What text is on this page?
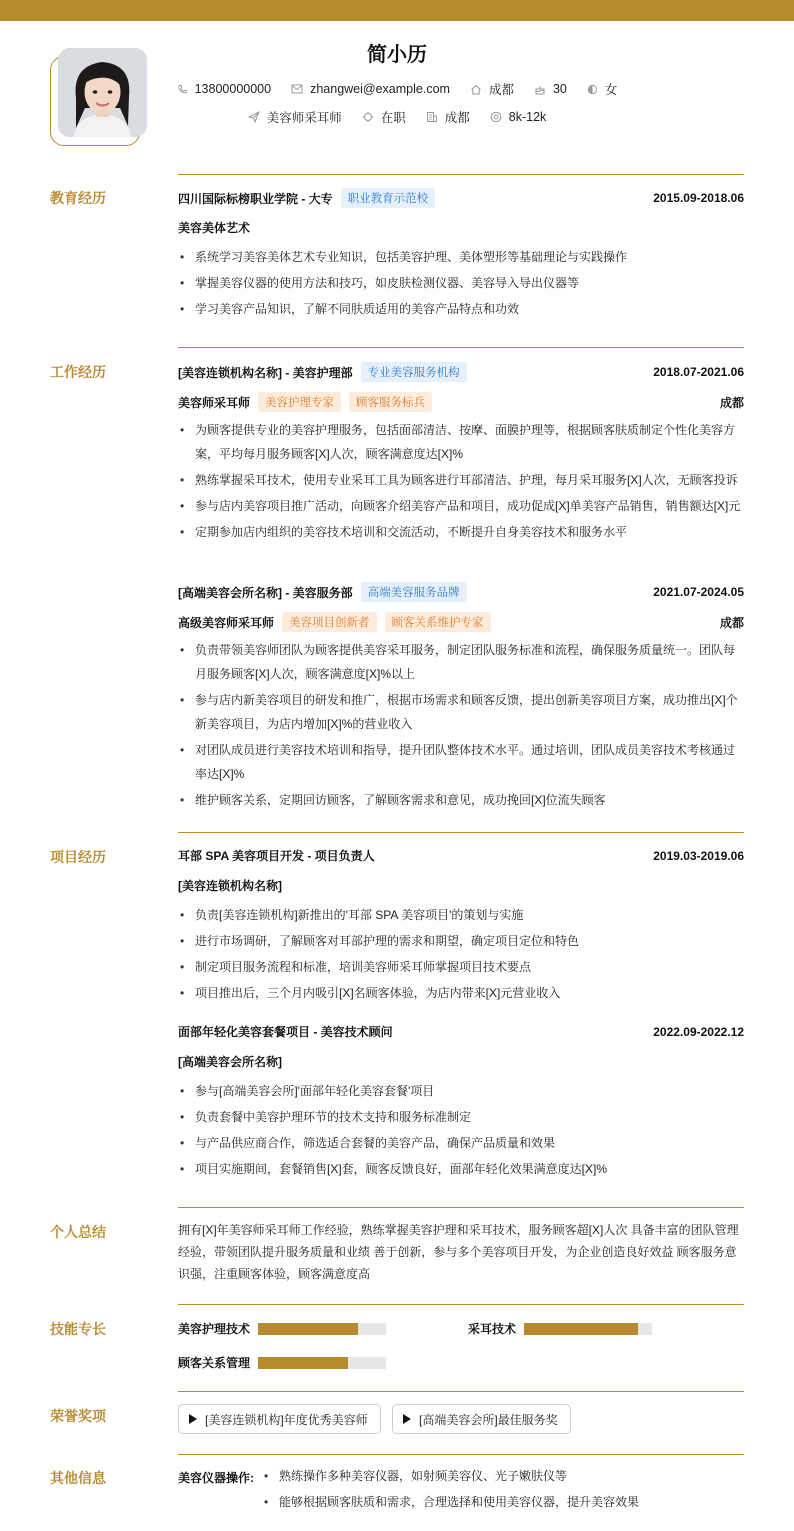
简小历
13800000000	zhangwei@example.com	成都	30	女
美容师采耳师	在职	成都	8k-12k
教育经历	四川国际标榜职业学院 - 大专	职业教育示范校	2015.09-2018.06
美容美体艺术
• 系统学习美容美体艺术专业知识，包括美容护理、美体塑形等基础理论与实践操作
• 掌握美容仪器的使用方法和技巧，如皮肤检测仪器、美容导入导出仪器等
• 学习美容产品知识，了解不同肤质适用的美容产品特点和功效
工作经历	[美容连锁机构名称] - 美容护理部	专业美容服务机构	2018.07-2021.06
美容师采耳师	美容护理专家	顾客服务标兵	成都
• 为顾客提供专业的美容护理服务，包括面部清洁、按摩、面膜护理等，根据顾客肤质制定个性化美容方案，平均每月服务顾客[X]人次，顾客满意度达[X]%
• 熟练掌握采耳技术，使用专业采耳工具为顾客进行耳部清洁、护理，每月采耳服务[X]人次，无顾客投诉
• 参与店内美容项目推广活动，向顾客介绍美容产品和项目，成功促成[X]单美容产品销售，销售额达[X]元
• 定期参加店内组织的美容技术培训和交流活动，不断提升自身美容技术和服务水平
[高端美容会所名称] - 美容服务部	高端美容服务品牌	2021.07-2024.05
高级美容师采耳师	美容项目创新者	顾客关系维护专家	成都
• 负责带领美容师团队为顾客提供美容采耳服务，制定团队服务标准和流程，确保服务质量统一。团队每月服务顾客[X]人次，顾客满意度[X]%以上
• 参与店内新美容项目的研发和推广，根据市场需求和顾客反馈，提出创新美容项目方案，成功推出[X]个新美容项目，为店内增加[X]%的营业收入
• 对团队成员进行美容技术培训和指导，提升团队整体技术水平。通过培训，团队成员美容技术考核通过率达[X]%
• 维护顾客关系，定期回访顾客，了解顾客需求和意见，成功挽回[X]位流失顾客
项目经历	耳部 SPA 美容项目开发 - 项目负责人	2019.03-2019.06
[美容连锁机构名称]
• 负责[美容连锁机构]新推出的'耳部 SPA 美容项目'的策划与实施
• 进行市场调研，了解顾客对耳部护理的需求和期望，确定项目定位和特色
• 制定项目服务流程和标准，培训美容师采耳师掌握项目技术要点
• 项目推出后，三个月内吸引[X]名顾客体验，为店内带来[X]元营业收入
面部年轻化美容套餐项目 - 美容技术顾问	2022.09-2022.12
[高端美容会所名称]
• 参与[高端美容会所]'面部年轻化美容套餐'项目
• 负责套餐中美容护理环节的技术支持和服务标准制定
• 与产品供应商合作，筛选适合套餐的美容产品，确保产品质量和效果
• 项目实施期间，套餐销售[X]套，顾客反馈良好，面部年轻化效果满意度达[X]%
个人总结	拥有[X]年美容师采耳师工作经验，熟练掌握美容护理和采耳技术，服务顾客超[X]人次 具备丰富的团队管理经验，带领团队提升服务质量和业绩 善于创新，参与多个美容项目开发，为企业创造良好效益 顾客服务意识强，注重顾客体验，顾客满意度高
技能专长	美容护理技术	采耳技术
顾客关系管理
荣誉奖项	[美容连锁机构]年度优秀美容师	[高端美容会所]最佳服务奖
其他信息	美容仪器操作:
•	熟练操作多种美容仪器，如射频美容仪、光子嫩肤仪等
• 能够根据顾客肤质和需求，合理选择和使用美容仪器，提升美容效果
